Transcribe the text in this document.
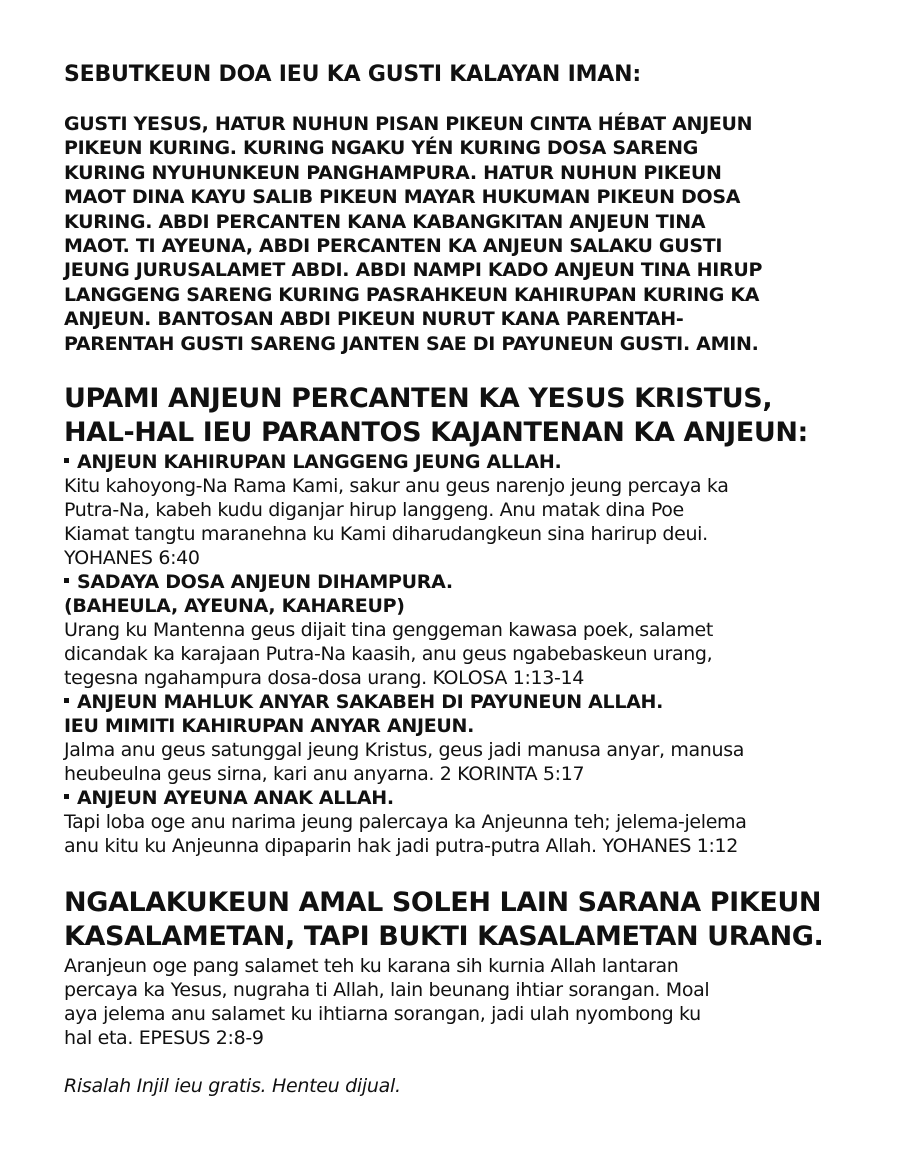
SEBUTKEUN DOA IEU KA GUSTI KALAYAN IMAN:
GUSTI YESUS, HATUR NUHUN PISAN PIKEUN CINTA HÉBAT ANJEUN
PIKEUN KURING. KURING NGAKU YÉN KURING DOSA SARENG
KURING NYUHUNKEUN PANGHAMPURA. HATUR NUHUN PIKEUN
MAOT DINA KAYU SALIB PIKEUN MAYAR HUKUMAN PIKEUN DOSA
KURING. ABDI PERCANTEN KANA KABANGKITAN ANJEUN TINA
MAOT. TI AYEUNA, ABDI PERCANTEN KA ANJEUN SALAKU GUSTI
JEUNG JURUSALAMET ABDI. ABDI NAMPI KADO ANJEUN TINA HIRUP
LANGGENG SARENG KURING PASRAHKEUN KAHIRUPAN KURING KA
ANJEUN. BANTOSAN ABDI PIKEUN NURUT KANA PARENTAH-
PARENTAH GUSTI SARENG JANTEN SAE DI PAYUNEUN GUSTI. AMIN.
UPAMI ANJEUN PERCANTEN KA YESUS KRISTUS,
HAL-HAL IEU PARANTOS KAJANTENAN KA ANJEUN:
ANJEUN KAHIRUPAN LANGGENG JEUNG ALLAH.
Kitu kahoyong-Na Rama Kami, sakur anu geus narenjo jeung percaya ka
Putra-Na, kabeh kudu diganjar hirup langgeng. Anu matak dina Poe
Kiamat tangtu maranehna ku Kami diharudangkeun sina harirup deui.
YOHANES 6:40
SADAYA DOSA ANJEUN DIHAMPURA.
(BAHEULA, AYEUNA, KAHAREUP)
Urang ku Mantenna geus dijait tina genggeman kawasa poek, salamet
dicandak ka karajaan Putra-Na kaasih, anu geus ngabebaskeun urang,
tegesna ngahampura dosa-dosa urang. KOLOSA 1:13-14
ANJEUN MAHLUK ANYAR SAKABEH DI PAYUNEUN ALLAH.
IEU MIMITI KAHIRUPAN ANYAR ANJEUN.
Jalma anu geus satunggal jeung Kristus, geus jadi manusa anyar, manusa
heubeulna geus sirna, kari anu anyarna. 2 KORINTA 5:17
ANJEUN AYEUNA ANAK ALLAH.
Tapi loba oge anu narima jeung palercaya ka Anjeunna teh; jelema-jelema
anu kitu ku Anjeunna dipaparin hak jadi putra-putra Allah. YOHANES 1:12
NGALAKUKEUN AMAL SOLEH LAIN SARANA PIKEUN
KASALAMETAN, TAPI BUKTI KASALAMETAN URANG.
Aranjeun oge pang salamet teh ku karana sih kurnia Allah lantaran
percaya ka Yesus, nugraha ti Allah, lain beunang ihtiar sorangan. Moal
aya jelema anu salamet ku ihtiarna sorangan, jadi ulah nyombong ku
hal eta. EPESUS 2:8-9
Risalah Injil ieu gratis. Henteu dijual.
